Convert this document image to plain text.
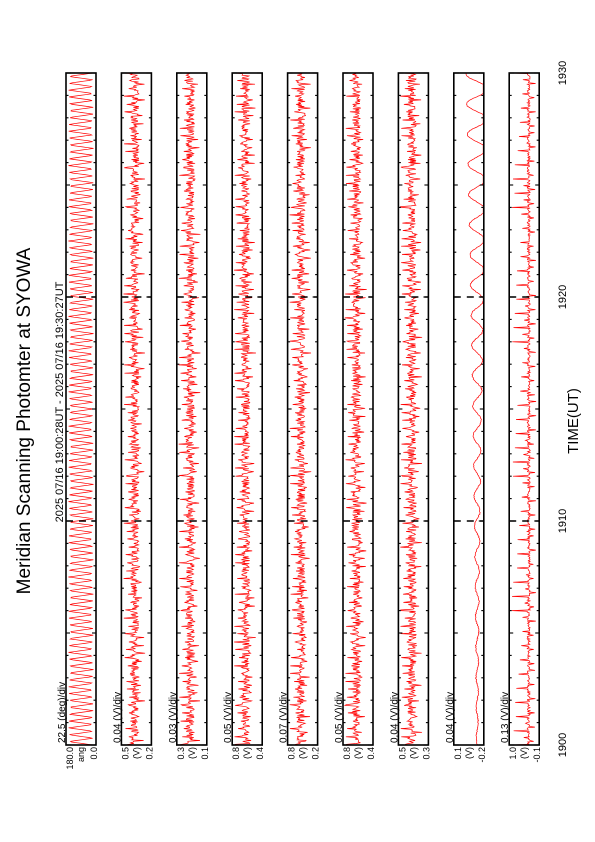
Meridian Scanning Photomter at SYOWA 2025 07/16 19:00:28UT - 2025 07/16 19:30:27UT
180.0 ang 0.0
22.5 (deg)/div
0.5 (V) 0.2
0.04 (V)/div
0.3 (V) 0.1
0.03 (V)/div
0.8 (V) 0.4
0.05 (V)/div
0.8 (V) 0.2
0.07 (V)/div
0.8 (V) 0.4
0.05 (V)/div
0.5 (V) 0.3
0.04 (V)/div
0.1 (V) -0.2
0.04 (V)/div
1.0 (V) -0.1
0.13 (V)/div
1900
1910
1920
1930
TIME(UT)
